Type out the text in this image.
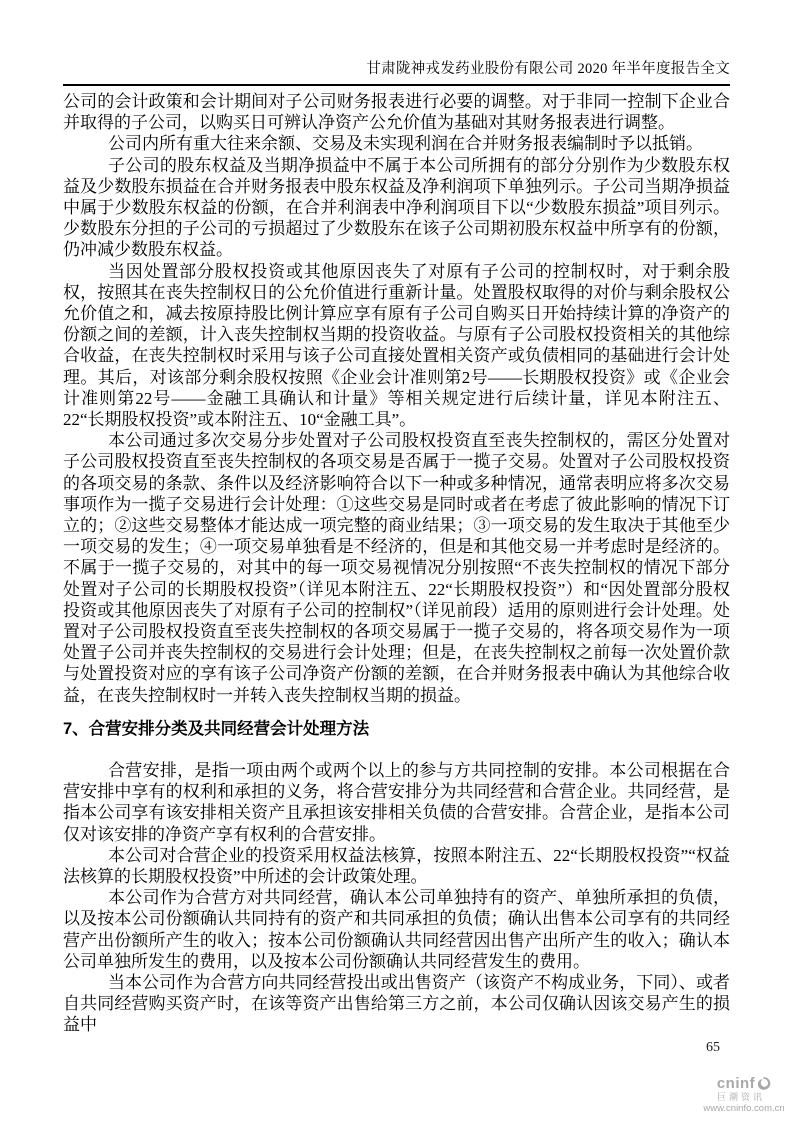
甘肃陇神戎发药业股份有限公司 2020 年半年度报告全文

公司的会计政策和会计期间对子公司财务报表进行必要的调整。对于非同一控制下企业合并取得的子公司，以购买日可辨认净资产公允价值为基础对其财务报表进行调整。

公司内所有重大往来余额、交易及未实现利润在合并财务报表编制时予以抵销。

子公司的股东权益及当期净损益中不属于本公司所拥有的部分分别作为少数股东权益及少数股东损益在合并财务报表中股东权益及净利润项下单独列示。子公司当期净损益中属于少数股东权益的份额，在合并利润表中净利润项目下以“少数股东损益”项目列示。少数股东分担的子公司的亏损超过了少数股东在该子公司期初股东权益中所享有的份额，仍冲减少数股东权益。

当因处置部分股权投资或其他原因丧失了对原有子公司的控制权时，对于剩余股权，按照其在丧失控制权日的公允价值进行重新计量。处置股权取得的对价与剩余股权公允价值之和，减去按原持股比例计算应享有原有子公司自购买日开始持续计算的净资产的份额之间的差额，计入丧失控制权当期的投资收益。与原有子公司股权投资相关的其他综合收益，在丧失控制权时采用与该子公司直接处置相关资产或负债相同的基础进行会计处理。其后，对该部分剩余股权按照《企业会计准则第2号——长期股权投资》或《企业会计准则第22号——金融工具确认和计量》等相关规定进行后续计量，详见本附注五、22“长期股权投资”或本附注五、10“金融工具”。

本公司通过多次交易分步处置对子公司股权投资直至丧失控制权的，需区分处置对子公司股权投资直至丧失控制权的各项交易是否属于一揽子交易。处置对子公司股权投资的各项交易的条款、条件以及经济影响符合以下一种或多种情况，通常表明应将多次交易事项作为一揽子交易进行会计处理：①这些交易是同时或者在考虑了彼此影响的情况下订立的；②这些交易整体才能达成一项完整的商业结果；③一项交易的发生取决于其他至少一项交易的发生；④一项交易单独看是不经济的，但是和其他交易一并考虑时是经济的。不属于一揽子交易的，对其中的每一项交易视情况分别按照“不丧失控制权的情况下部分处置对子公司的长期股权投资”（详见本附注五、22“长期股权投资”）和“因处置部分股权投资或其他原因丧失了对原有子公司的控制权”（详见前段）适用的原则进行会计处理。处置对子公司股权投资直至丧失控制权的各项交易属于一揽子交易的，将各项交易作为一项处置子公司并丧失控制权的交易进行会计处理；但是，在丧失控制权之前每一次处置价款与处置投资对应的享有该子公司净资产份额的差额，在合并财务报表中确认为其他综合收益，在丧失控制权时一并转入丧失控制权当期的损益。

7、合营安排分类及共同经营会计处理方法

合营安排，是指一项由两个或两个以上的参与方共同控制的安排。本公司根据在合营安排中享有的权利和承担的义务，将合营安排分为共同经营和合营企业。共同经营，是指本公司享有该安排相关资产且承担该安排相关负债的合营安排。合营企业，是指本公司仅对该安排的净资产享有权利的合营安排。

本公司对合营企业的投资采用权益法核算，按照本附注五、22“长期股权投资”“权益法核算的长期股权投资”中所述的会计政策处理。

本公司作为合营方对共同经营，确认本公司单独持有的资产、单独所承担的负债，以及按本公司份额确认共同持有的资产和共同承担的负债；确认出售本公司享有的共同经营产出份额所产生的收入；按本公司份额确认共同经营因出售产出所产生的收入；确认本公司单独所发生的费用，以及按本公司份额确认共同经营发生的费用。

当本公司作为合营方向共同经营投出或出售资产（该资产不构成业务，下同）、或者自共同经营购买资产时，在该等资产出售给第三方之前，本公司仅确认因该交易产生的损益中

65
cninf
巨潮资讯
www.cninfo.com.cn
